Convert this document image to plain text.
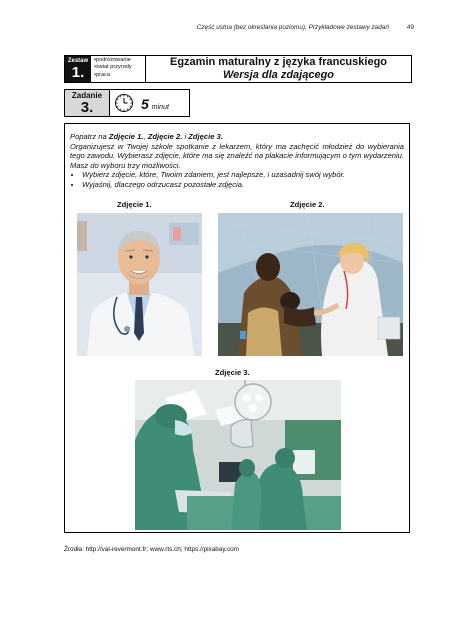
Część ustna (bez określania poziomu). Przykładowe zestawy zadań	49
Zestaw
1.
• podróżowanie
• świat przyrody
• praca
Egzamin maturalny z języka francuskiego
Wersja dla zdającego
Zadanie
3.	5 minut

Popatrz na Zdjęcie 1., Zdjęcie 2. i Zdjęcie 3.

Organizujesz w Twojej szkole spotkanie z lekarzem, który ma zachęcić młodzież do wybierania tego zawodu. Wybierasz zdjęcie, które ma się znaleźć na plakacie informującym o tym wydarzeniu. Masz do wyboru trzy możliwości.

• Wybierz zdjęcie, które, Twoim zdaniem, jest najlepsze, i uzasadnij swój wybór.
• Wyjaśnij, dlaczego odrzucasz pozostałe zdjęcia.
Zdjęcie 1.	Zdjęcie 2.
Zdjęcie 3.
Źródła: http://val-revermont.fr; www.rts.ch; https://pixabay.com
